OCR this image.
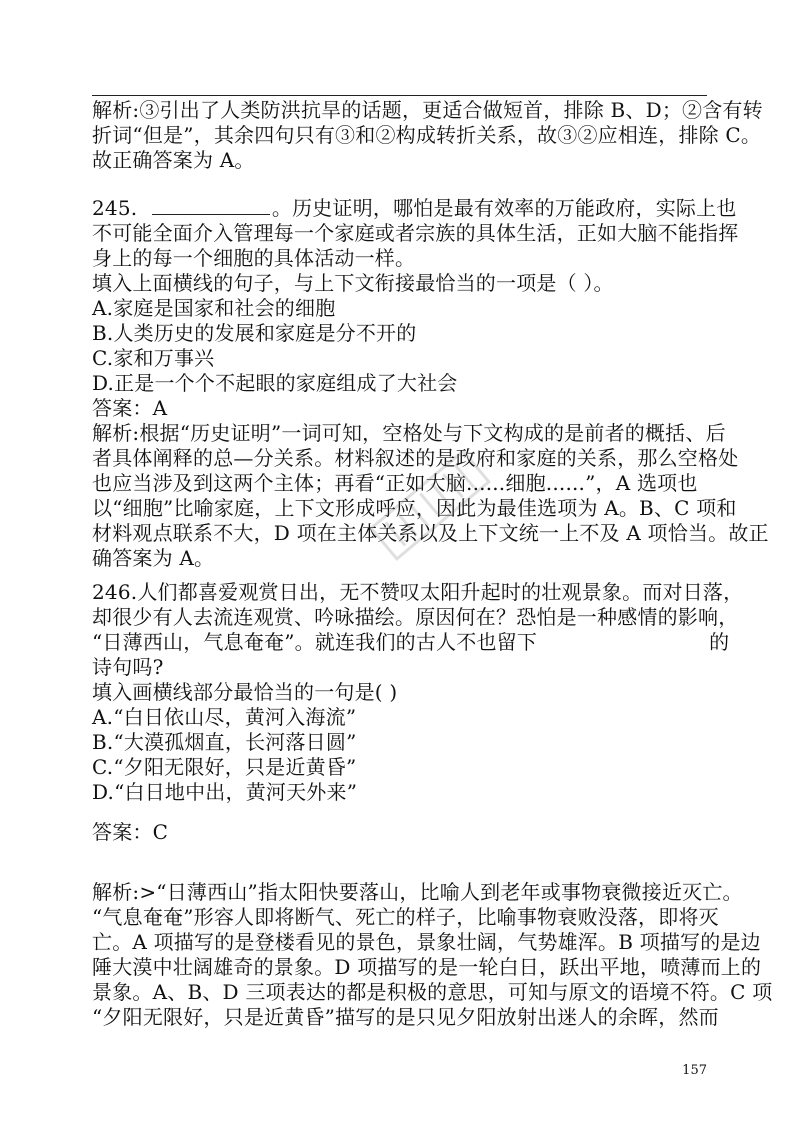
解析:③引出了人类防洪抗旱的话题，更适合做短首，排除 B、D；②含有转
折词“但是”，其余四句只有③和②构成转折关系，故③②应相连，排除 C。
故正确答案为 A。
245.	。历史证明，哪怕是最有效率的万能政府，实际上也
不可能全面介入管理每一个家庭或者宗族的具体生活，正如大脑不能指挥
身上的每一个细胞的具体活动一样。
填入上面横线的句子，与上下文衔接最恰当的一项是（ ）。
A.家庭是国家和社会的细胞
B.人类历史的发展和家庭是分不开的
C.家和万事兴
D.正是一个个不起眼的家庭组成了大社会
答案：A
解析:根据“历史证明”一词可知，空格处与下文构成的是前者的概括、后
者具体阐释的总—分关系。材料叙述的是政府和家庭的关系，那么空格处
也应当涉及到这两个主体；再看“正如大脑......细胞......”，A 选项也
以“细胞”比喻家庭，上下文形成呼应，因此为最佳选项为 A。B、C 项和
材料观点联系不大，D 项在主体关系以及上下文统一上不及 A 项恰当。故正
确答案为 A。
246.人们都喜爱观赏日出，无不赞叹太阳升起时的壮观景象。而对日落，
却很少有人去流连观赏、吟咏描绘。原因何在？恐怕是一种感情的影响，
“日薄西山，气息奄奄”。就连我们的古人不也留下	的
诗句吗?
填入画横线部分最恰当的一句是( )
A.“白日依山尽，黄河入海流”
B.“大漠孤烟直，长河落日圆”
C.“夕阳无限好，只是近黄昏”
D.“白日地中出，黄河天外来”
答案：C
解析:>“日薄西山”指太阳快要落山，比喻人到老年或事物衰微接近灭亡。
“气息奄奄”形容人即将断气、死亡的样子，比喻事物衰败没落，即将灭
亡。A 项描写的是登楼看见的景色，景象壮阔，气势雄浑。B 项描写的是边
陲大漠中壮阔雄奇的景象。D 项描写的是一轮白日，跃出平地，喷薄而上的
景象。A、B、D 三项表达的都是积极的意思，可知与原文的语境不符。C 项
“夕阳无限好，只是近黄昏”描写的是只见夕阳放射出迷人的余晖，然而
157
